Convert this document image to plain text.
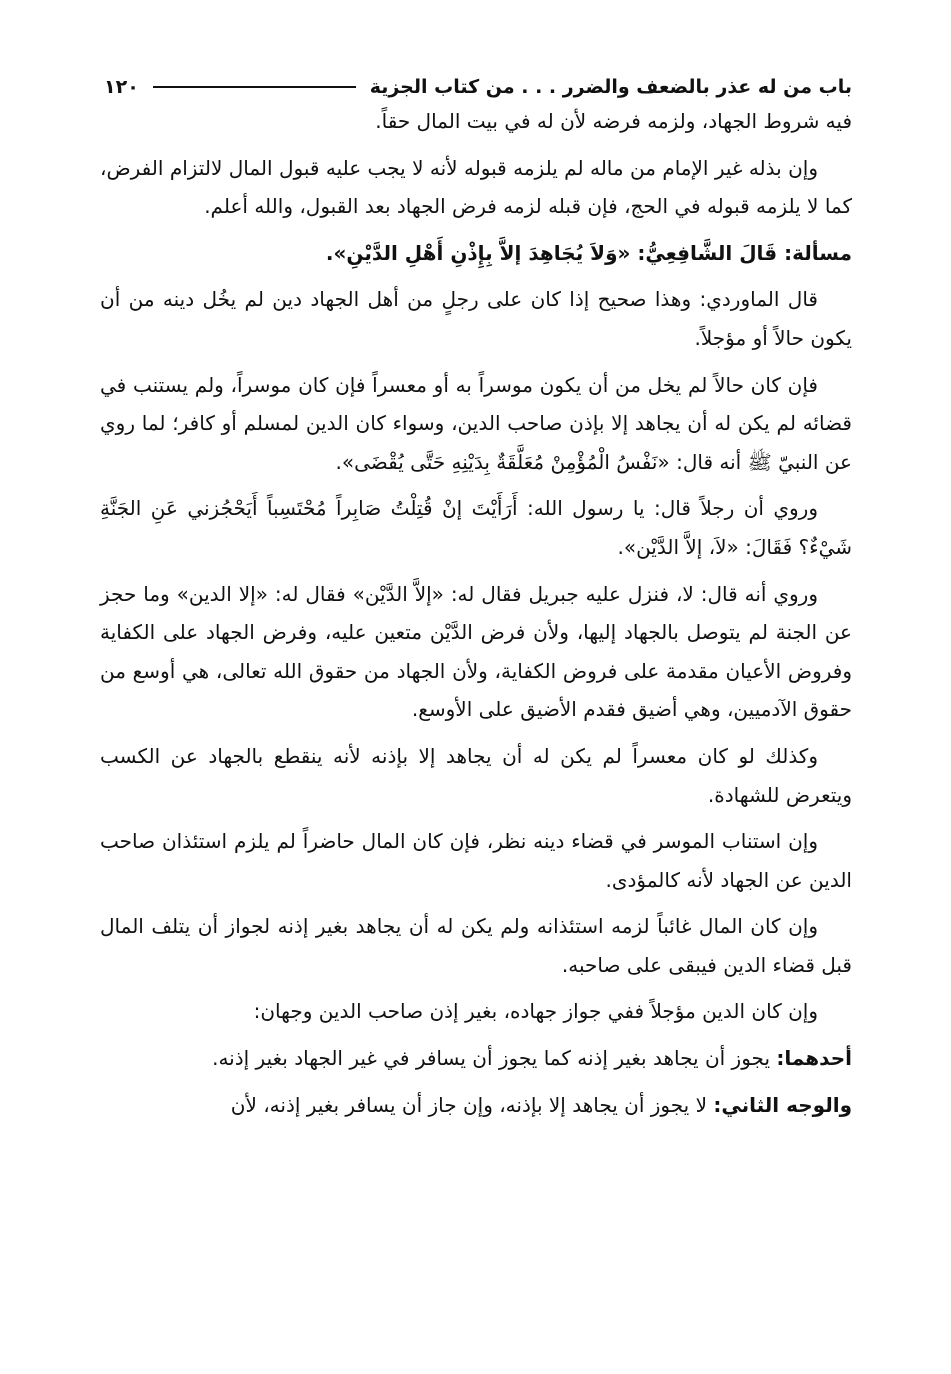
باب من له عذر بالضعف والضرر . . . من كتاب الجزية
١٢٠

فيه شروط الجهاد، ولزمه فرضه لأن له في بيت المال حقاً.

وإن بذله غير الإمام من ماله لم يلزمه قبوله لأنه لا يجب عليه قبول المال لالتزام الفرض، كما لا يلزمه قبوله في الحج، فإن قبله لزمه فرض الجهاد بعد القبول، والله أعلم.

مسألة: قَالَ الشَّافِعِيُّ: «وَلاَ يُجَاهِدَ إلاَّ بِإِذْنِ أَهْلِ الدَّيْنِ».

قال الماوردي: وهذا صحيح إذا كان على رجلٍ من أهل الجهاد دين لم يخُل دينه من أن يكون حالاً أو مؤجلاً.

فإن كان حالاً لم يخل من أن يكون موسراً به أو معسراً فإن كان موسراً، ولم يستنب في قضائه لم يكن له أن يجاهد إلا بإذن صاحب الدين، وسواء كان الدين لمسلم أو كافر؛ لما روي عن النبيّ ﷺ أنه قال: «نَفْسُ الْمُؤْمِنْ مُعَلَّقَةٌ بِدَيْنِهِ حَتَّى يُقْضَى».

وروي أن رجلاً قال: يا رسول الله: أَرَأَيْتَ إنْ قُتِلْتُ صَابِراً مُحْتَسِباً أَيَحْجُزني عَنِ الجَنَّةِ شَيْءٌ؟ فَقَالَ: «لاَ، إلاَّ الدَّيْن».

وروي أنه قال: لا، فنزل عليه جبريل فقال له: «إلاَّ الدَّيْن» فقال له: «إلا الدين» وما حجز عن الجنة لم يتوصل بالجهاد إليها، ولأن فرض الدَّيْن متعين عليه، وفرض الجهاد على الكفاية وفروض الأعيان مقدمة على فروض الكفاية، ولأن الجهاد من حقوق الله تعالى، هي أوسع من حقوق الآدميين، وهي أضيق فقدم الأضيق على الأوسع.

وكذلك لو كان معسراً لم يكن له أن يجاهد إلا بإذنه لأنه ينقطع بالجهاد عن الكسب ويتعرض للشهادة.

وإن استناب الموسر في قضاء دينه نظر، فإن كان المال حاضراً لم يلزم استئذان صاحب الدين عن الجهاد لأنه كالمؤدى.

وإن كان المال غائباً لزمه استئذانه ولم يكن له أن يجاهد بغير إذنه لجواز أن يتلف المال قبل قضاء الدين فيبقى على صاحبه.

وإن كان الدين مؤجلاً ففي جواز جهاده، بغير إذن صاحب الدين وجهان:

أحدهما: يجوز أن يجاهد بغير إذنه كما يجوز أن يسافر في غير الجهاد بغير إذنه.

والوجه الثاني: لا يجوز أن يجاهد إلا بإذنه، وإن جاز أن يسافر بغير إذنه، لأن
